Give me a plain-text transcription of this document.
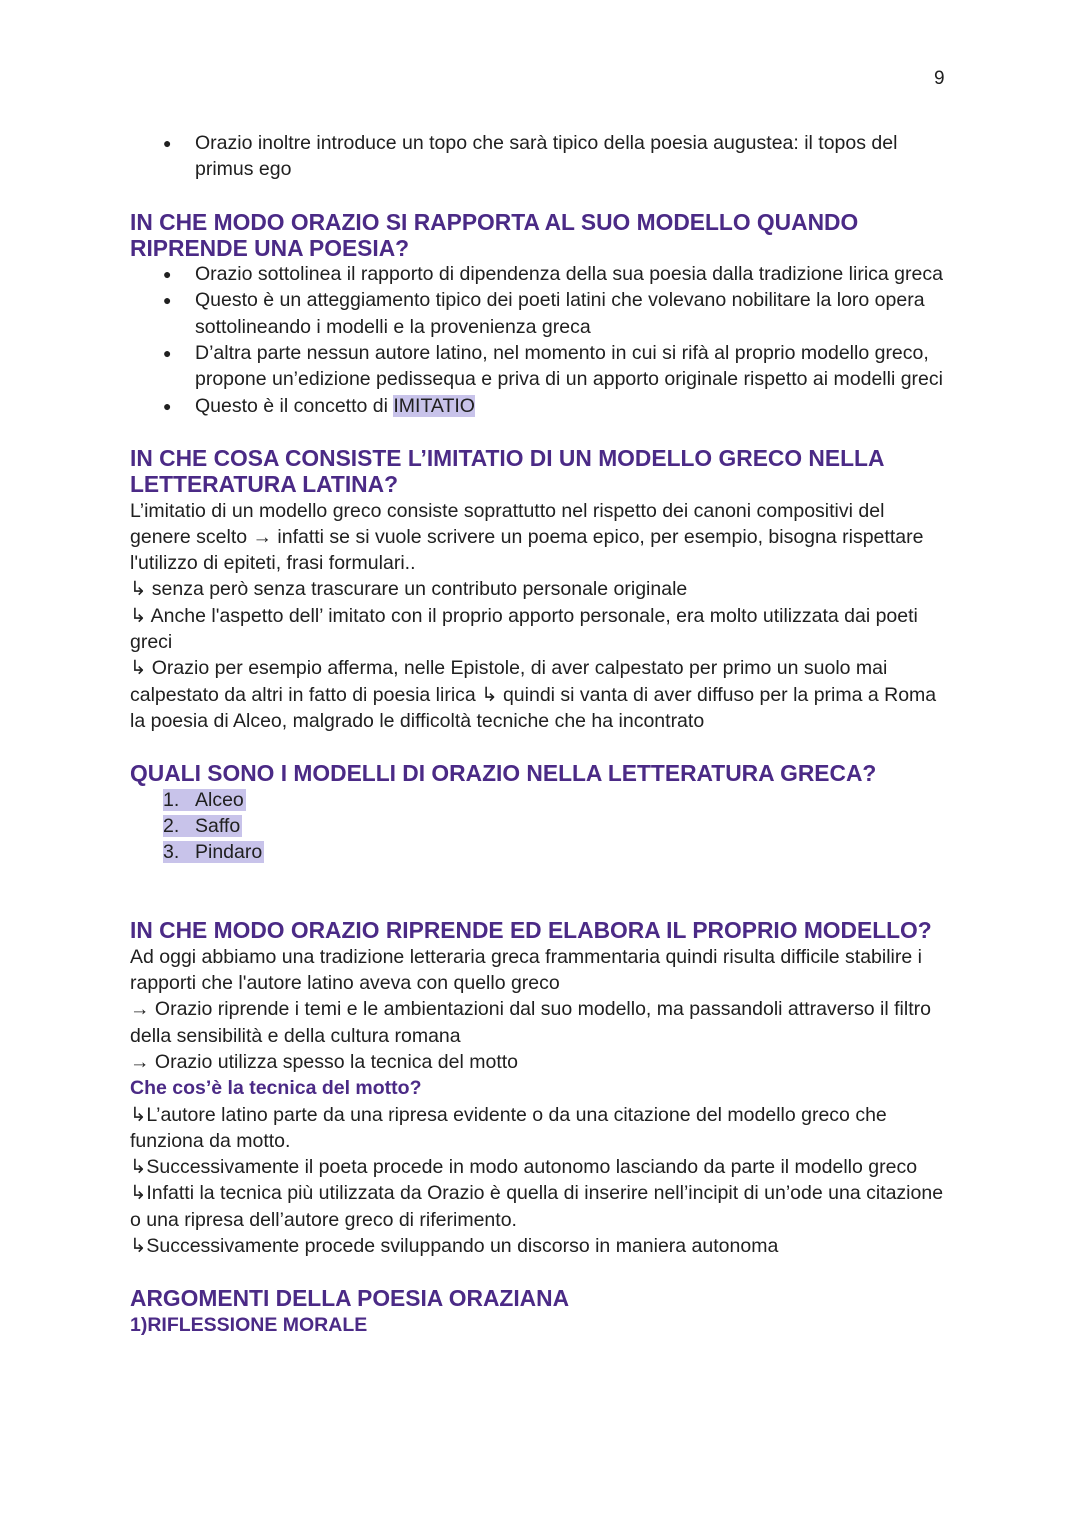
9
● Orazio inoltre introduce un topo che sarà tipico della poesia augustea: il topos del primus ego
IN CHE MODO ORAZIO SI RAPPORTA AL SUO MODELLO QUANDO RIPRENDE UNA POESIA?
● Orazio sottolinea il rapporto di dipendenza della sua poesia dalla tradizione lirica greca
● Questo è un atteggiamento tipico dei poeti latini che volevano nobilitare la loro opera sottolineando i modelli e la provenienza greca
● D’altra parte nessun autore latino, nel momento in cui si rifà al proprio modello greco, propone un’edizione pedissequa e priva di un apporto originale rispetto ai modelli greci
● Questo è il concetto di IMITATIO
IN CHE COSA CONSISTE L’IMITATIO DI UN MODELLO GRECO NELLA LETTERATURA LATINA?

L’imitatio di un modello greco consiste soprattutto nel rispetto dei canoni compositivi del genere scelto → infatti se si vuole scrivere un poema epico, per esempio, bisogna rispettare l'utilizzo di epiteti, frasi formulari..

↳ senza però senza trascurare un contributo personale originale

↳ Anche l'aspetto dell’ imitato con il proprio apporto personale, era molto utilizzata dai poeti greci

↳ Orazio per esempio afferma, nelle Epistole, di aver calpestato per primo un suolo mai calpestato da altri in fatto di poesia lirica ↳ quindi si vanta di aver diffuso per la prima a Roma la poesia di Alceo, malgrado le difficoltà tecniche che ha incontrato

QUALI SONO I MODELLI DI ORAZIO NELLA LETTERATURA GRECA?
1. Alceo
2. Saffo
3. Pindaro
IN CHE MODO ORAZIO RIPRENDE ED ELABORA IL PROPRIO MODELLO?

Ad oggi abbiamo una tradizione letteraria greca frammentaria quindi risulta difficile stabilire i rapporti che l'autore latino aveva con quello greco

→ Orazio riprende i temi e le ambientazioni dal suo modello, ma passandoli attraverso il filtro della sensibilità e della cultura romana

→ Orazio utilizza spesso la tecnica del motto

Che cos’è la tecnica del motto?

↳L’autore latino parte da una ripresa evidente o da una citazione del modello greco che funziona da motto.

↳Successivamente il poeta procede in modo autonomo lasciando da parte il modello greco

↳Infatti la tecnica più utilizzata da Orazio è quella di inserire nell’incipit di un’ode una citazione o una ripresa dell’autore greco di riferimento.

↳Successivamente procede sviluppando un discorso in maniera autonoma

ARGOMENTI DELLA POESIA ORAZIANA
1)RIFLESSIONE MORALE
